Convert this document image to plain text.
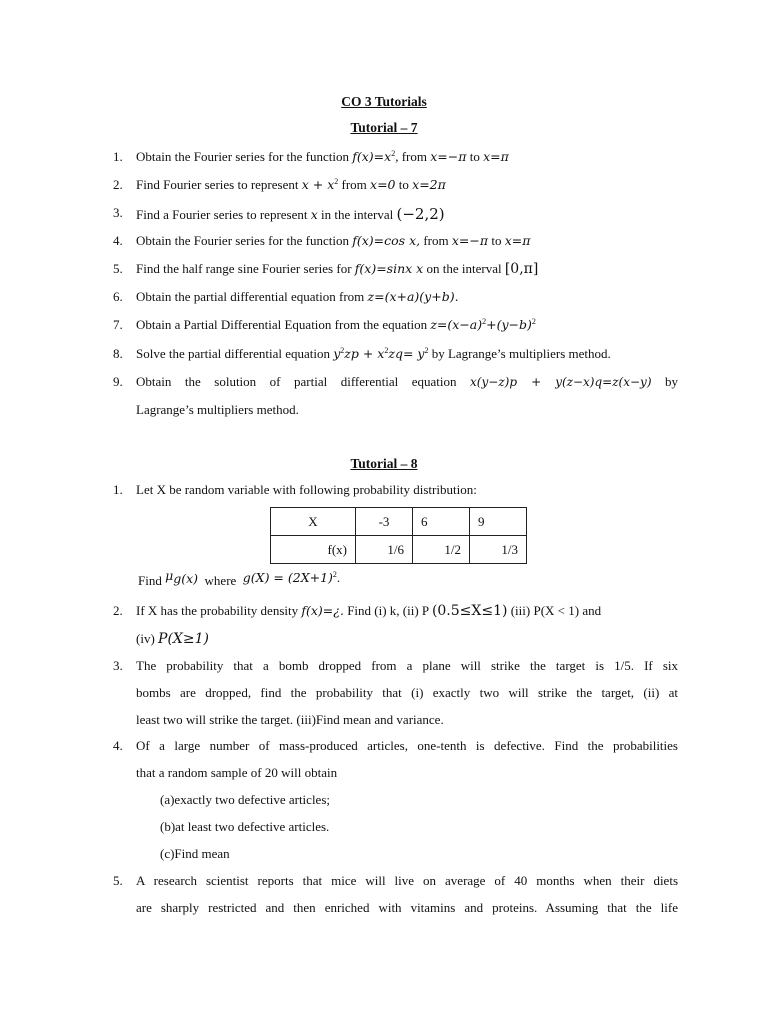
CO 3 Tutorials
Tutorial – 7
1.	Obtain the Fourier series for the function $f(x)=x^2$, from x=−π to x=π
2.	Find Fourier series to represent $x + x^2$ from x=0 to x=2π
3.	Find a Fourier series to represent x in the interval (−2,2)
4.	Obtain the Fourier series for the function f(x)=cos x, from x=−π to x=π
5.	Find the half range sine Fourier series for f(x)=sinx x on the interval [0,π]
6.	Obtain the partial differential equation from z=(x+a)(y+b).
7.	Obtain a Partial Differential Equation from the equation $z=(x-a)^2+(y-b)^2$
8.	Solve the partial differential equation $y^2zp + x^2zq= y^2$ by Lagrange’s multipliers method.
9.	Obtain the solution of partial differential equation x(y−z)p + y(z−x)q=z(x−y) by
Lagrange’s multipliers method.
Tutorial – 8
1.	Let X be random variable with following probability distribution:
X	-3	6	9
f(x)	1/6	1/2	1/3
Find $\mu_{g(x)}$ where $g(X) = (2X+1)^2$.
2.	If X has the probability density f(x)=¿. Find (i) k, (ii) P (0.5≤X≤1) (iii) P(X < 1) and
(iv) P(X≥1)
3.	The probability that a bomb dropped from a plane will strike the target is 1/5. If six
bombs are dropped, find the probability that (i) exactly two will strike the target, (ii) at
least two will strike the target. (iii)Find mean and variance.
4.	Of a large number of mass-produced articles, one-tenth is defective. Find the probabilities
that a random sample of 20 will obtain
(a)exactly two defective articles;
(b)at least two defective articles.
(c)Find mean
5.	A research scientist reports that mice will live on average of 40 months when their diets
are sharply restricted and then enriched with vitamins and proteins. Assuming that the life
